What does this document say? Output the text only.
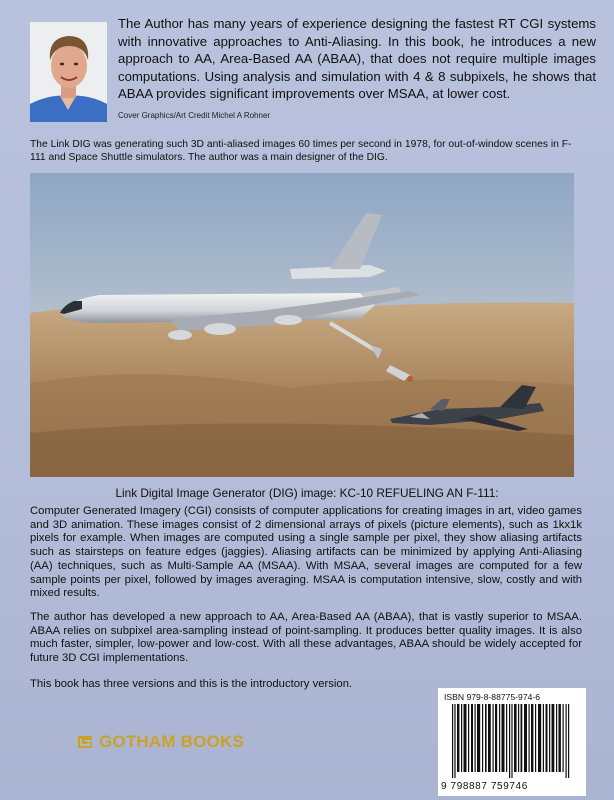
The Author has many years of experience designing the fastest RT CGI systems with innovative approaches to Anti-Aliasing. In this book, he introduces a new approach to AA, Area-Based AA (ABAA), that does not require multiple images computations. Using analysis and simulation with 4 & 8 subpixels, he shows that ABAA provides significant improvements over MSAA, at lower cost.

Cover Graphics/Art Credit Michel A Rohner

The Link DIG was generating such 3D anti-aliased images 60 times per second in 1978, for out-of-window scenes in F-111 and Space Shuttle simulators. The author was a main designer of the DIG.

Link Digital Image Generator (DIG) image: KC-10 REFUELING AN F-111:

Computer Generated Imagery (CGI) consists of computer applications for creating images in art, video games and 3D animation. These images consist of 2 dimensional arrays of pixels (picture elements), such as 1kx1k pixels for example. When images are computed using a single sample per pixel, they show aliasing artifacts such as stairsteps on feature edges (jaggies). Aliasing artifacts can be minimized by applying Anti-Aliasing (AA) techniques, such as Multi-Sample AA (MSAA). With MSAA, several images are computed for a few sample points per pixel, followed by images averaging. MSAA is computation intensive, slow, costly and with mixed results.

The author has developed a new approach to AA, Area-Based AA (ABAA), that is vastly superior to MSAA. ABAA relies on subpixel area-sampling instead of point-sampling. It produces better quality images. It is also much faster, simpler, low-power and low-cost. With all these advantages, ABAA should be widely accepted for future 3D CGI implementations.

This book has three versions and this is the introductory version.

GOTHAM BOOKS

ISBN 979-8-88775-974-6

9 798887 759746
